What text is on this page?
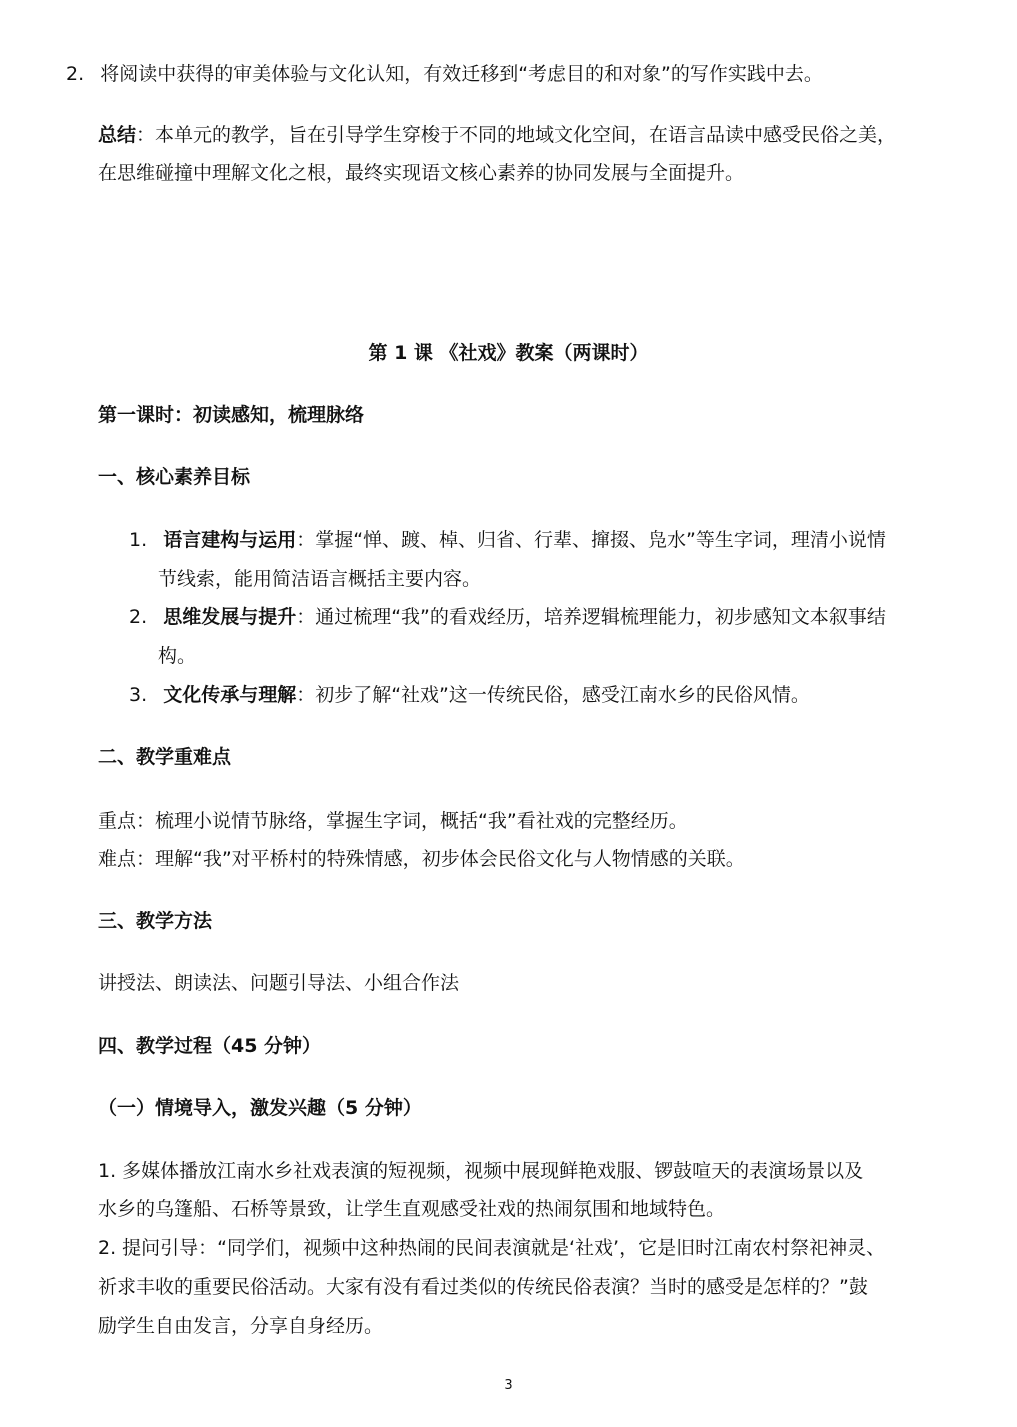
2. 将阅读中获得的审美体验与文化认知，有效迁移到“考虑目的和对象”的写作实践中去。
总结：本单元的教学，旨在引导学生穿梭于不同的地域文化空间，在语言品读中感受民俗之美，
在思维碰撞中理解文化之根，最终实现语文核心素养的协同发展与全面提升。
第 1 课 《社戏》教案（两课时）
第一课时：初读感知，梳理脉络
一、核心素养目标
1. 语言建构与运用：掌握“惮、踱、棹、归省、行辈、撺掇、凫水”等生字词，理清小说情
节线索，能用简洁语言概括主要内容。
2. 思维发展与提升：通过梳理“我”的看戏经历，培养逻辑梳理能力，初步感知文本叙事结
构。
3. 文化传承与理解：初步了解“社戏”这一传统民俗，感受江南水乡的民俗风情。
二、教学重难点
重点：梳理小说情节脉络，掌握生字词，概括“我”看社戏的完整经历。
难点：理解“我”对平桥村的特殊情感，初步体会民俗文化与人物情感的关联。
三、教学方法
讲授法、朗读法、问题引导法、小组合作法
四、教学过程（45 分钟）
（一）情境导入，激发兴趣（5 分钟）
1. 多媒体播放江南水乡社戏表演的短视频，视频中展现鲜艳戏服、锣鼓喧天的表演场景以及
水乡的乌篷船、石桥等景致，让学生直观感受社戏的热闹氛围和地域特色。
2. 提问引导：“同学们，视频中这种热闹的民间表演就是‘社戏’，它是旧时江南农村祭祀神灵、
祈求丰收的重要民俗活动。大家有没有看过类似的传统民俗表演？当时的感受是怎样的？”鼓
励学生自由发言，分享自身经历。
3
